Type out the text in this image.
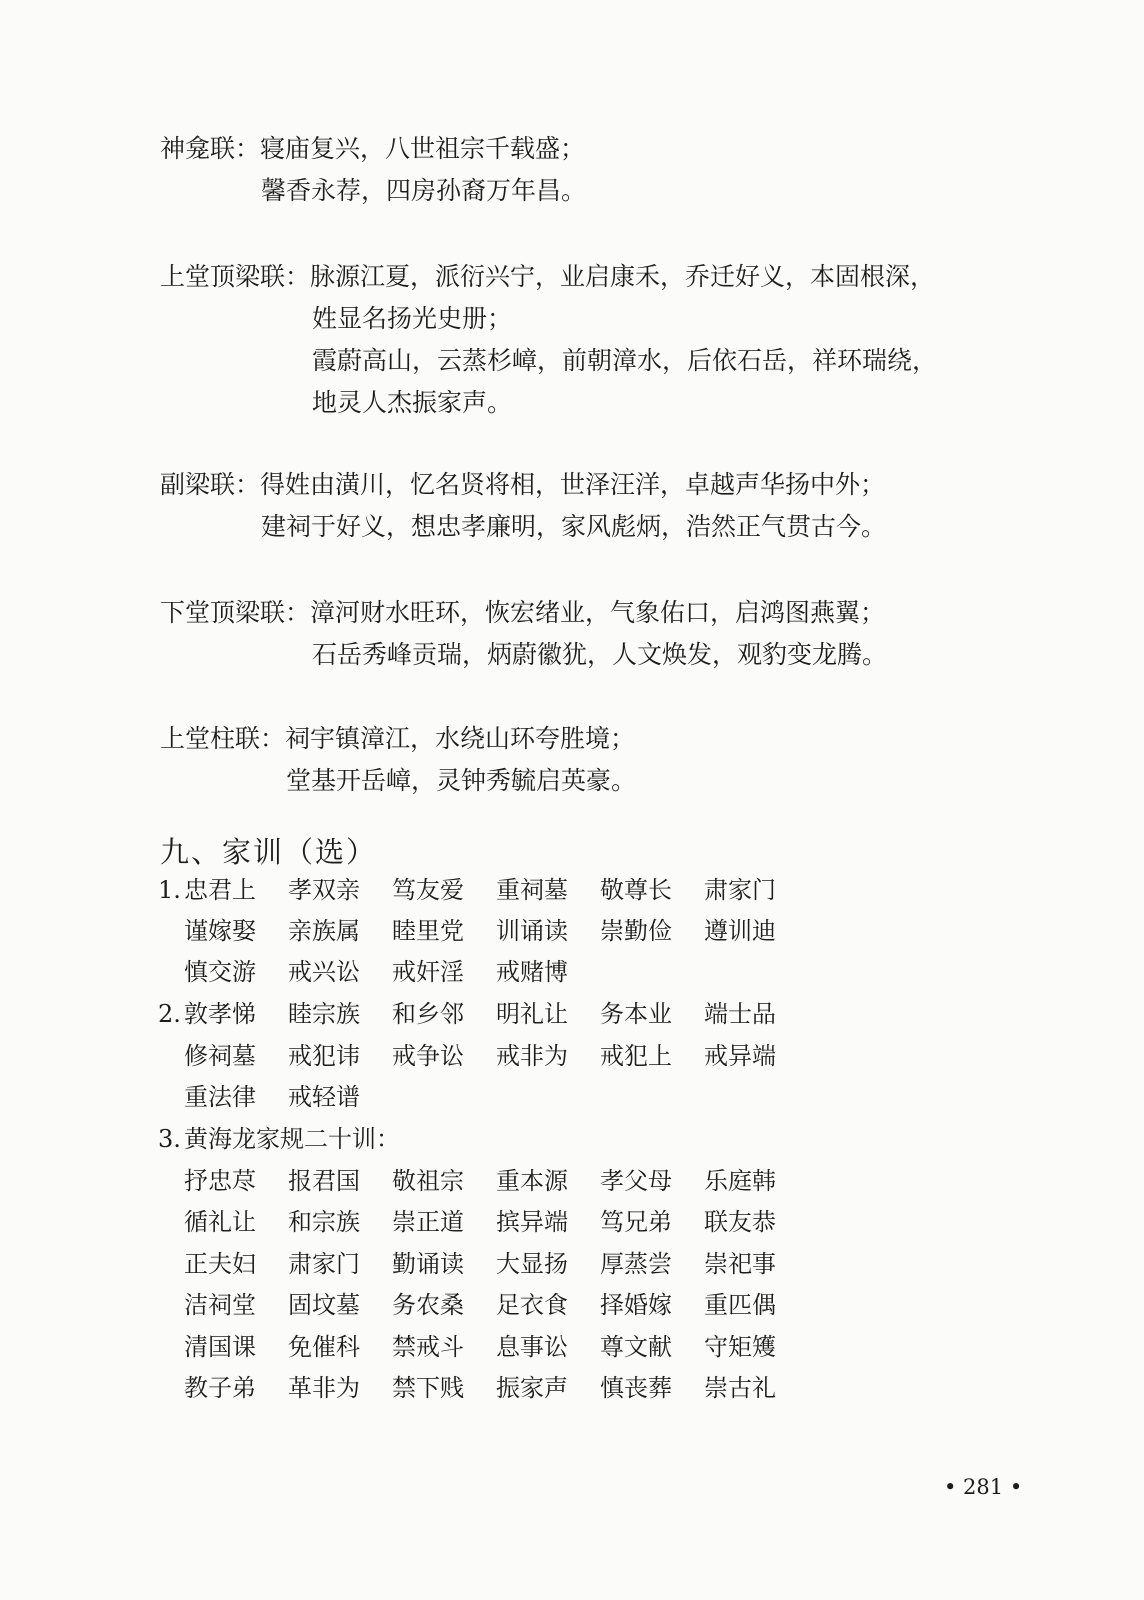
神龛联：寝庙复兴，八世祖宗千载盛；
馨香永荐，四房孙裔万年昌。
上堂顶梁联：脉源江夏，派衍兴宁，业启康禾，乔迁好义，本固根深，
姓显名扬光史册；
霞蔚高山，云蒸杉嶂，前朝漳水，后依石岳，祥环瑞绕，
地灵人杰振家声。
副梁联：得姓由潢川，忆名贤将相，世泽汪洋，卓越声华扬中外；
建祠于好义，想忠孝廉明，家风彪炳，浩然正气贯古今。
下堂顶梁联：漳河财水旺环，恢宏绪业，气象佑口，启鸿图燕翼；
石岳秀峰贡瑞，炳蔚徽犹，人文焕发，观豹变龙腾。
上堂柱联：祠宇镇漳江，水绕山环夸胜境；
堂基开岳嶂，灵钟秀毓启英豪。
九、家训（选）
1. 忠君上 孝双亲 笃友爱 重祠墓 敬尊长 肃家门
谨嫁娶 亲族属 睦里党 训诵读 崇勤俭 遵训迪
慎交游 戒兴讼 戒奸淫 戒赌博
2. 敦孝悌 睦宗族 和乡邻 明礼让 务本业 端士品
修祠墓 戒犯讳 戒争讼 戒非为 戒犯上 戒异端
重法律 戒轻谱
3. 黄海龙家规二十训：
抒忠荩 报君国 敬祖宗 重本源 孝父母 乐庭韩
循礼让 和宗族 崇正道 摈异端 笃兄弟 联友恭
正夫妇 肃家门 勤诵读 大显扬 厚蒸尝 崇祀事
洁祠堂 固坟墓 务农桑 足衣食 择婚嫁 重匹偶
清国课 免催科 禁戒斗 息事讼 尊文献 守矩矱
教子弟 革非为 禁下贱 振家声 慎丧葬 崇古礼
• 281 •
